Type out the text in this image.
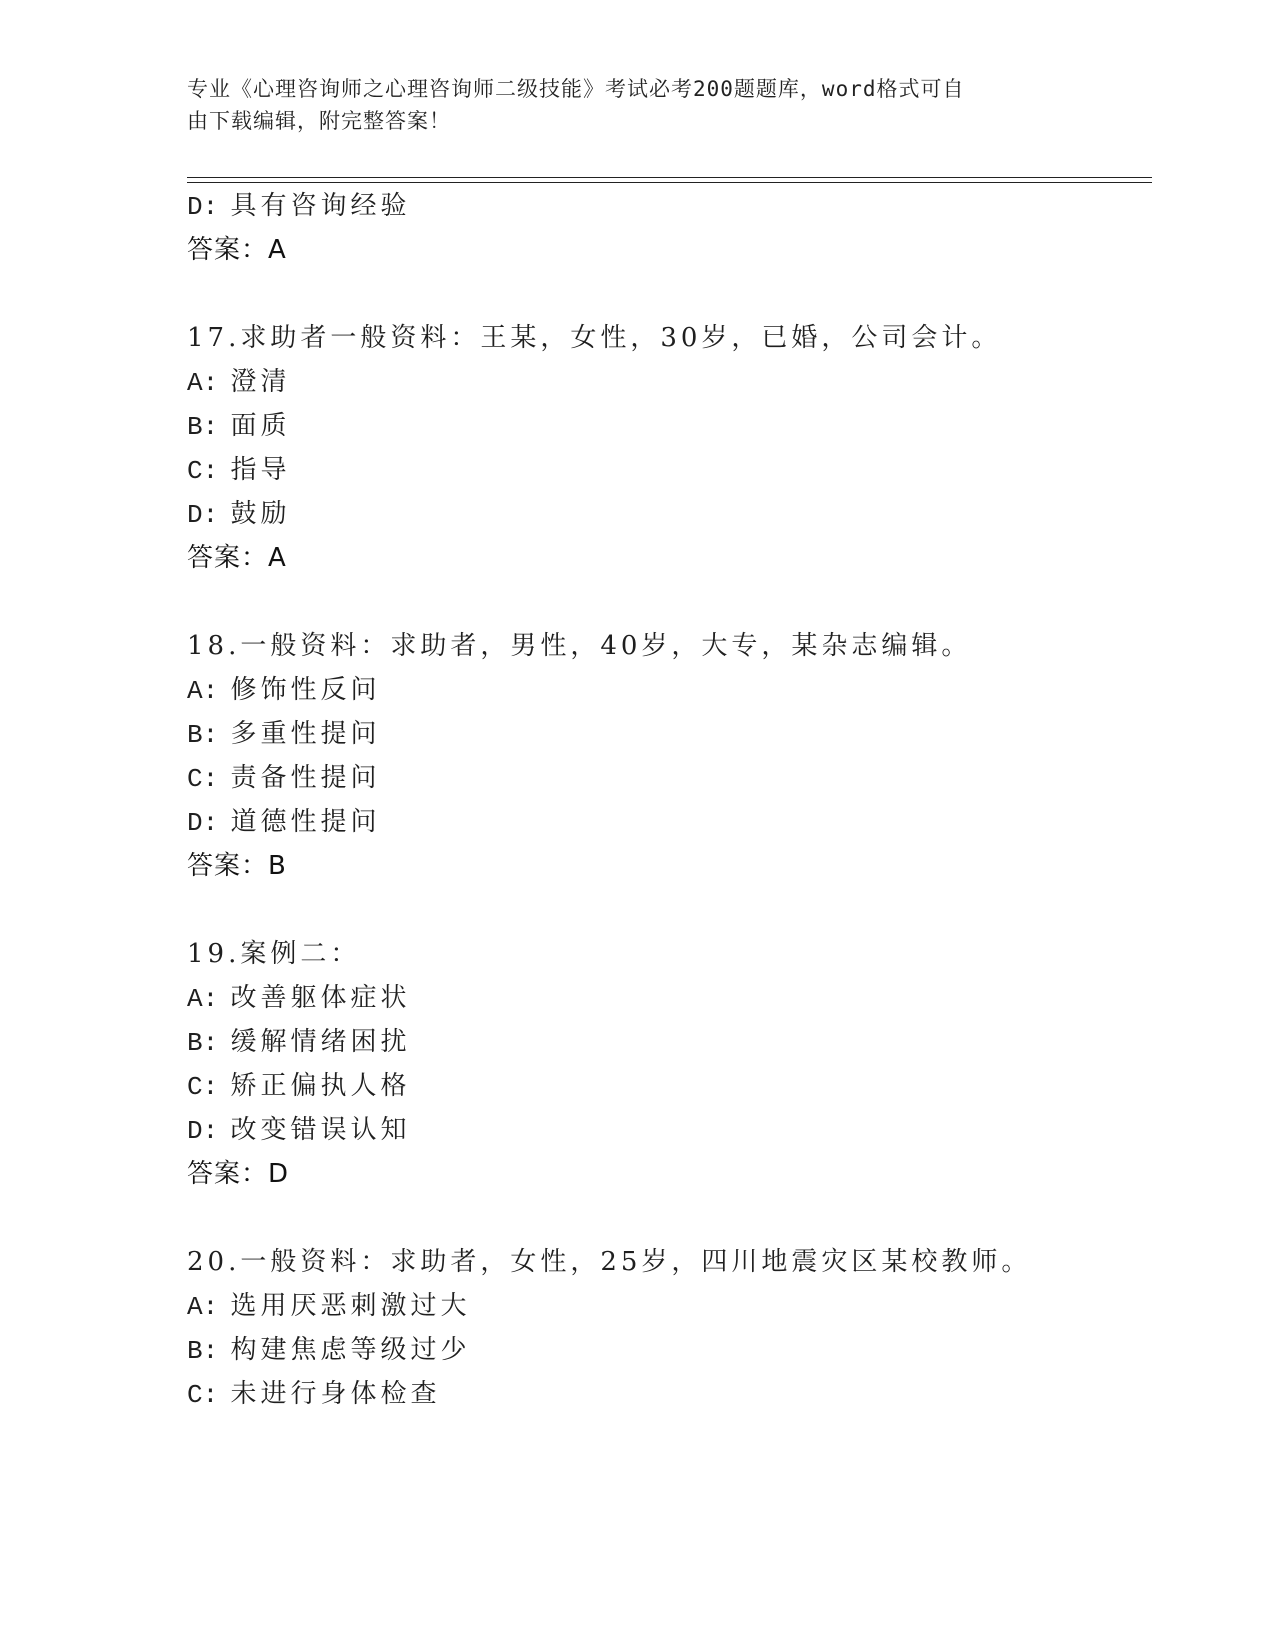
专业《心理咨询师之心理咨询师二级技能》考试必考200题题库，word格式可自
由下载编辑，附完整答案！
D: 具有咨询经验
答案：A
17.求助者一般资料：王某，女性，30岁，已婚，公司会计。
A: 澄清
B: 面质
C: 指导
D: 鼓励
答案：A
18.一般资料：求助者，男性，40岁，大专，某杂志编辑。
A: 修饰性反问
B: 多重性提问
C: 责备性提问
D: 道德性提问
答案：B
19.案例二：
A: 改善躯体症状
B: 缓解情绪困扰
C: 矫正偏执人格
D: 改变错误认知
答案：D
20.一般资料：求助者，女性，25岁，四川地震灾区某校教师。
A: 选用厌恶刺激过大
B: 构建焦虑等级过少
C: 未进行身体检查
